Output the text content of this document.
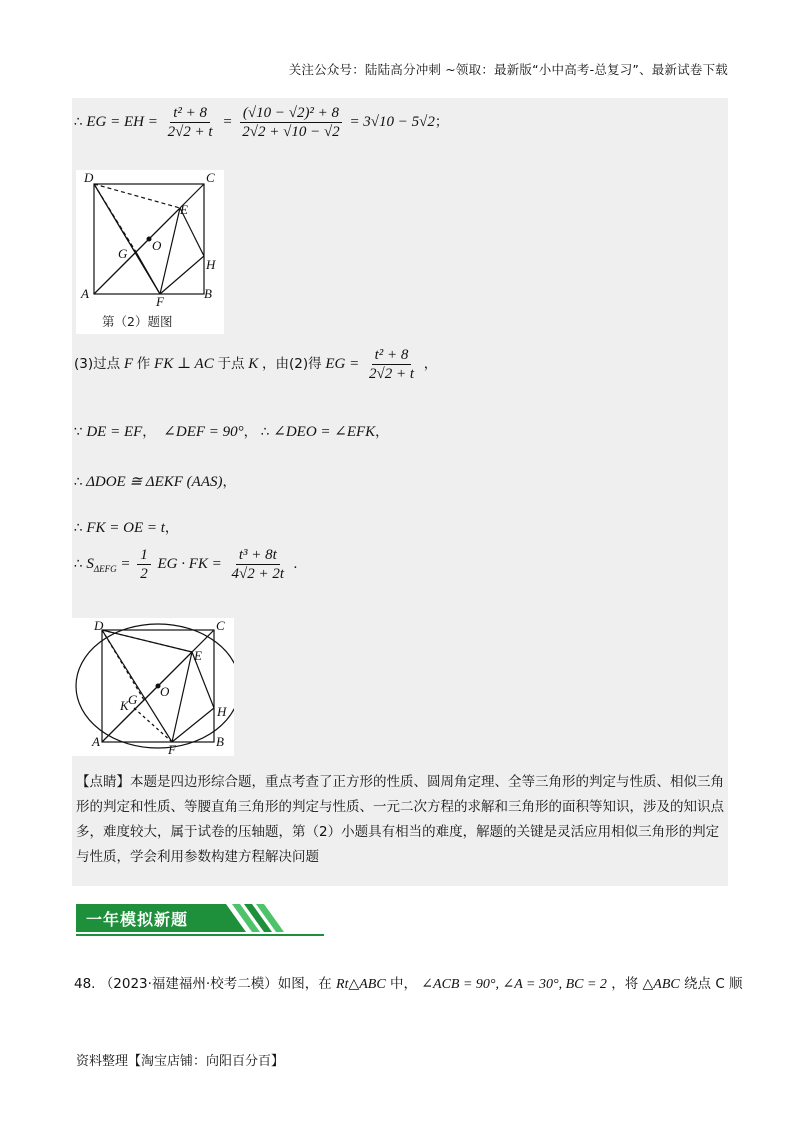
关注公众号：陆陆高分冲刺 ~领取：最新版“小中高考-总复习”、最新试卷下载
∴ EG = EH = $\frac{\text{t² + 8}}{2√2 + t} = \frac{\text{(√10 − √2)² + 8}}{2√2 + √10 - √2} = 3√10 - 5√2$；
D	C
E
G
O
H
A
F
B
第（2）题图
(3)过点 F 作 FK ⊥ AC 于点 K ，由(2)得 EG = $\frac{\text{t² + 8}}{2√2 + t}$ ，
∵ DE = EF， ∠DEF = 90°， ∴ ∠DEO = ∠EFK，
∴ ΔDOE ≅ ΔEKF (AAS)，
∴ FK = OE = t，
∴ $S_{\Delta EFG} = \frac{1}{2}$ EG · FK = $\frac{\text{t³ + 8t}}{4√2 + 2t}$ .
D	C
E
O
K G
H
A
F
B
【点睛】本题是四边形综合题，重点考查了正方形的性质、圆周角定理、全等三角形的判定与性质、相似三角形的判定和性质、等腰直角三角形的判定与性质、一元二次方程的求解和三角形的面积等知识，涉及的知识点多，难度较大，属于试卷的压轴题，第（2）小题具有相当的难度，解题的关键是灵活应用相似三角形的判定与性质，学会利用参数构建方程解决问题
一年模拟新题
48. （2023·福建福州·校考二模）如图，在 Rt△ABC 中， ∠ACB = 90°, ∠A = 30°, BC = 2 ，将 △ABC 绕点 C 顺
资料整理【淘宝店铺：向阳百分百】
